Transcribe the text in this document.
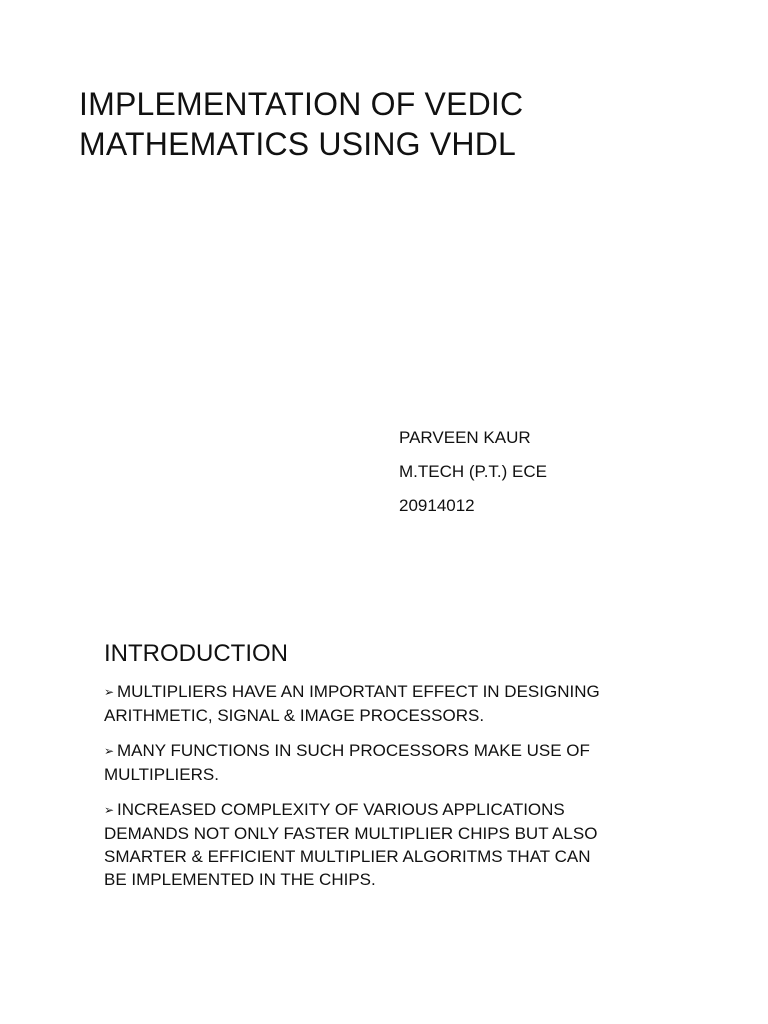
IMPLEMENTATION OF VEDIC
MATHEMATICS USING VHDL
PARVEEN KAUR
M.TECH (P.T.) ECE
20914012
INTRODUCTION
➢ MULTIPLIERS HAVE AN IMPORTANT EFFECT IN DESIGNING
ARITHMETIC, SIGNAL & IMAGE PROCESSORS.
➢ MANY FUNCTIONS IN SUCH PROCESSORS MAKE USE OF
MULTIPLIERS.
➢ INCREASED COMPLEXITY OF VARIOUS APPLICATIONS
DEMANDS NOT ONLY FASTER MULTIPLIER CHIPS BUT ALSO
SMARTER & EFFICIENT MULTIPLIER ALGORITMS THAT CAN
BE IMPLEMENTED IN THE CHIPS.
